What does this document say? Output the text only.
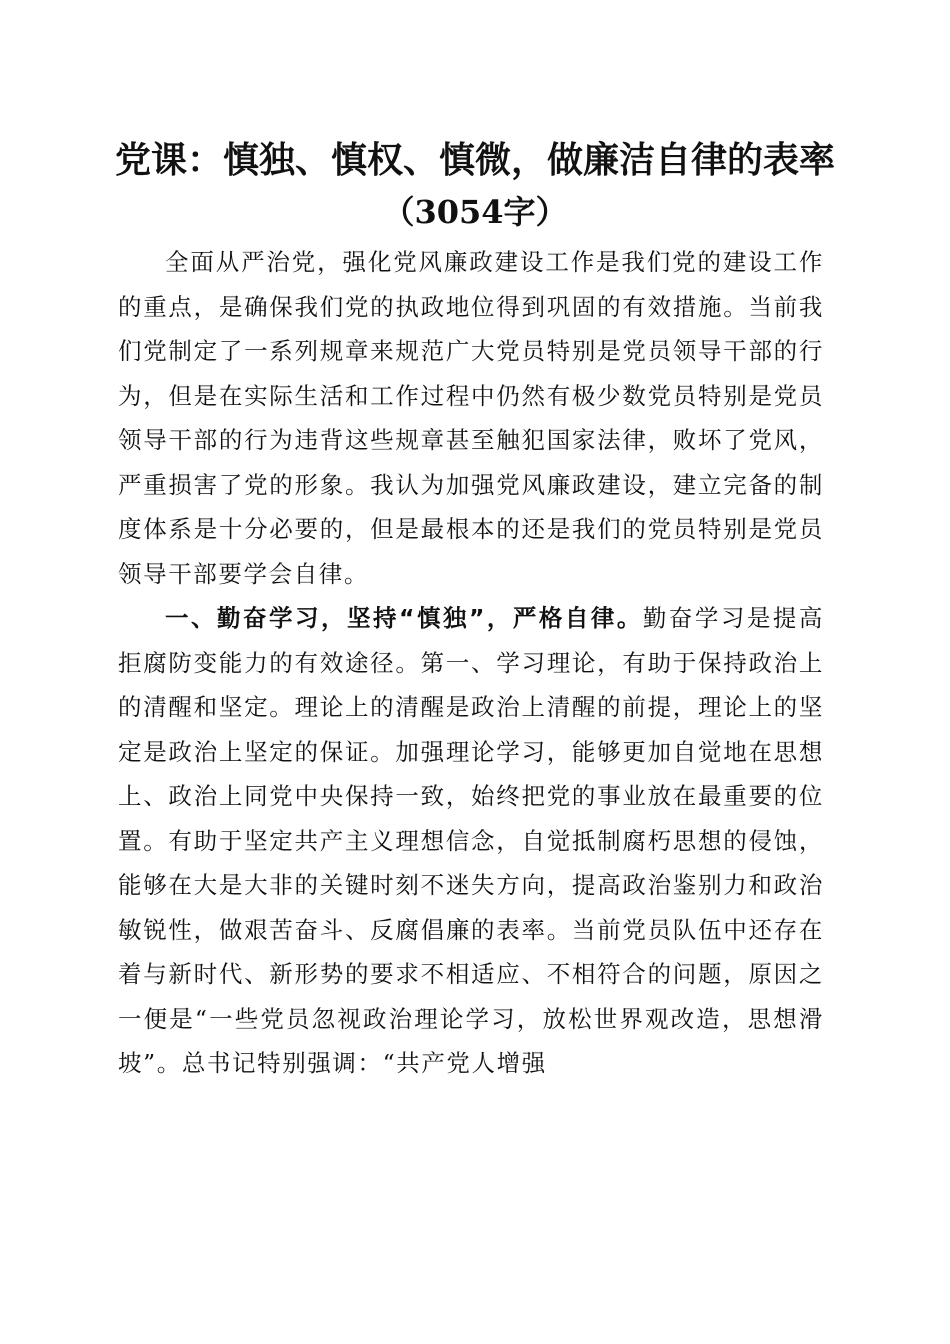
党课：慎独、慎权、慎微，做廉洁自律的表率
（3054字）

全面从严治党，强化党风廉政建设工作是我们党的建设工作的重点，是确保我们党的执政地位得到巩固的有效措施。当前我们党制定了一系列规章来规范广大党员特别是党员领导干部的行为，但是在实际生活和工作过程中仍然有极少数党员特别是党员领导干部的行为违背这些规章甚至触犯国家法律，败坏了党风，严重损害了党的形象。我认为加强党风廉政建设，建立完备的制度体系是十分必要的，但是最根本的还是我们的党员特别是党员领导干部要学会自律。

一、勤奋学习，坚持“慎独”，严格自律。勤奋学习是提高拒腐防变能力的有效途径。第一、学习理论，有助于保持政治上的清醒和坚定。理论上的清醒是政治上清醒的前提，理论上的坚定是政治上坚定的保证。加强理论学习，能够更加自觉地在思想上、政治上同党中央保持一致，始终把党的事业放在最重要的位置。有助于坚定共产主义理想信念，自觉抵制腐朽思想的侵蚀，能够在大是大非的关键时刻不迷失方向，提高政治鉴别力和政治敏锐性，做艰苦奋斗、反腐倡廉的表率。当前党员队伍中还存在着与新时代、新形势的要求不相适应、不相符合的问题，原因之一便是“一些党员忽视政治理论学习，放松世界观改造，思想滑坡”。总书记特别强调：“共产党人增强
